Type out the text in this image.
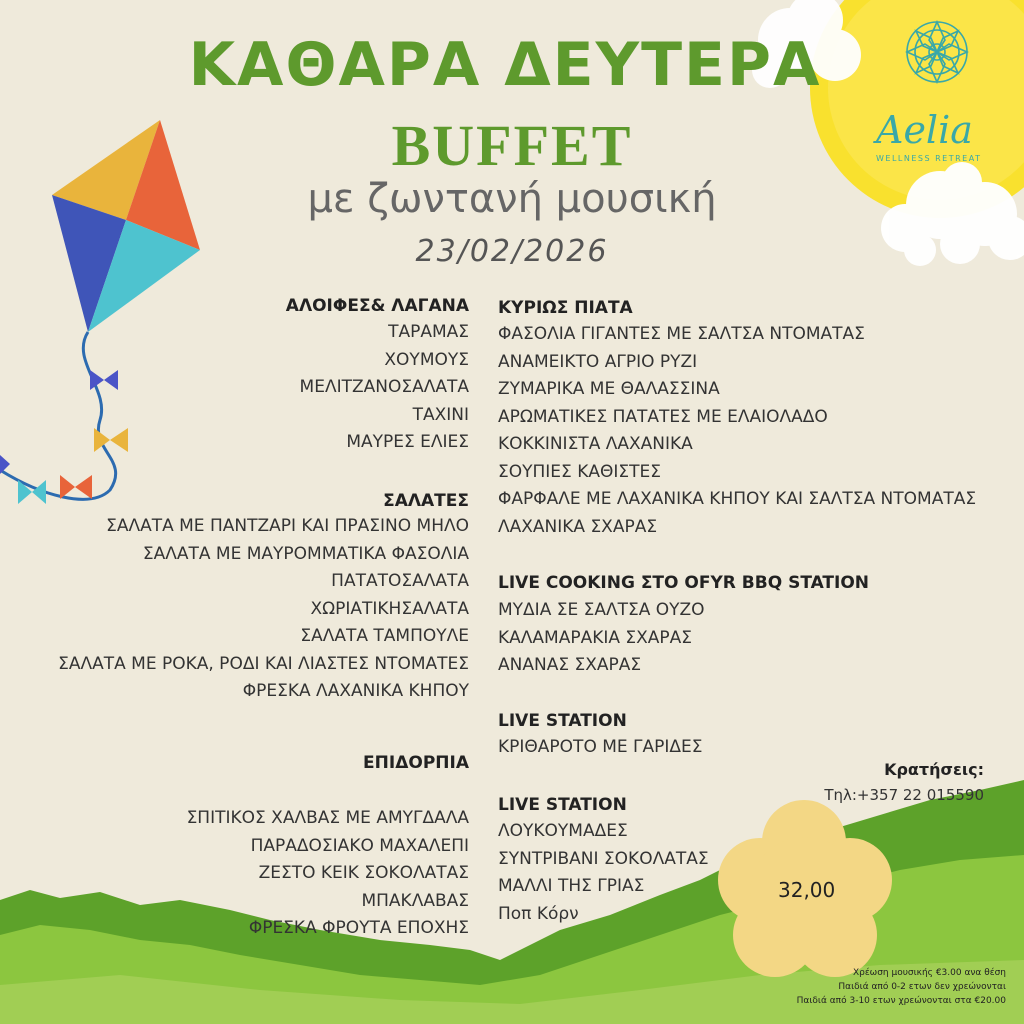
Aelia
WELLNESS RETREAT
ΚΑΘΑΡΑ ΔΕΥΤΕΡΑ
BUFFET
με ζωντανή μουσική
23/02/2026
ΑΛΟΙΦΕΣ& ΛΑΓΑΝΑ
ΤΑΡΑΜΑΣ
ΧΟΥΜΟΥΣ
ΜΕΛΙΤΖΑΝΟΣΑΛΑΤΑ
ΤΑΧΙΝΙ
ΜΑΥΡΕΣ ΕΛΙΕΣ
ΣΑΛΑΤΕΣ
ΣΑΛΑΤΑ ΜΕ ΠΑΝΤΖΑΡΙ ΚΑΙ ΠΡΑΣΙΝΟ ΜΗΛΟ
ΣΑΛΑΤΑ ΜΕ ΜΑΥΡΟΜΜΑΤΙΚΑ ΦΑΣΟΛΙΑ
ΠΑΤΑΤΟΣΑΛΑΤΑ
ΧΩΡΙΑΤΙΚΗΣΑΛΑΤΑ
ΣΑΛΑΤΑ ΤΑΜΠΟΥΛΕ
ΣΑΛΑΤΑ ΜΕ ΡΟΚΑ, ΡΟΔΙ ΚΑΙ ΛΙΑΣΤΕΣ ΝΤΟΜΑΤΕΣ
ΦΡΕΣΚΑ ΛΑΧΑΝΙΚΑ ΚΗΠΟΥ
ΕΠΙΔΟΡΠΙΑ
ΣΠΙΤΙΚΟΣ ΧΑΛΒΑΣ ΜΕ ΑΜΥΓΔΑΛΑ
ΠΑΡΑΔΟΣΙΑΚΟ ΜΑΧΑΛΕΠΙ
ΖΕΣΤΟ ΚΕΙΚ ΣΟΚΟΛΑΤΑΣ
ΜΠΑΚΛΑΒΑΣ
ΦΡΕΣΚΑ ΦΡΟΥΤΑ ΕΠΟΧΗΣ
ΚΥΡΙΩΣ ΠΙΑΤΑ
ΦΑΣΟΛΙΑ ΓΙΓΑΝΤΕΣ ΜΕ ΣΑΛΤΣΑ ΝΤΟΜΑΤΑΣ
ΑΝΑΜΕΙΚΤΟ ΑΓΡΙΟ ΡΥΖΙ
ΖΥΜΑΡΙΚΑ ΜΕ ΘΑΛΑΣΣΙΝΑ
ΑΡΩΜΑΤΙΚΕΣ ΠΑΤΑΤΕΣ ΜΕ ΕΛΑΙΟΛΑΔΟ
ΚΟΚΚΙΝΙΣΤΑ ΛΑΧΑΝΙΚΑ
ΣΟΥΠΙΕΣ ΚΑΘΙΣΤΕΣ
ΦΑΡΦΑΛΕ ΜΕ ΛΑΧΑΝΙΚΑ ΚΗΠΟΥ ΚΑΙ ΣΑΛΤΣΑ ΝΤΟΜΑΤΑΣ
ΛΑΧΑΝΙΚΑ ΣΧΑΡΑΣ
LIVE COOKING ΣΤΟ OFYR BBQ STATION
ΜΥΔΙΑ ΣΕ ΣΑΛΤΣΑ ΟΥΖΟ
ΚΑΛΑΜΑΡΑΚΙΑ ΣΧΑΡΑΣ
ΑΝΑΝΑΣ ΣΧΑΡΑΣ
LIVE STATION
ΚΡΙΘΑΡΟΤΟ ΜΕ ΓΑΡΙΔΕΣ
LIVE STATION
ΛΟΥΚΟΥΜΑΔΕΣ
ΣΥΝΤΡΙΒΑΝΙ ΣΟΚΟΛΑΤΑΣ
ΜΑΛΛΙ ΤΗΣ ΓΡΙΑΣ
Ποπ Κόρν
Κρατήσεις:
Τηλ:+357 22 015590
32,00
Χρέωση μουσικής €3.00 ανα θέση
Παιδιά από 0-2 ετων δεν χρεώνονται
Παιδιά από 3-10 ετων χρεώνονται στα €20.00
